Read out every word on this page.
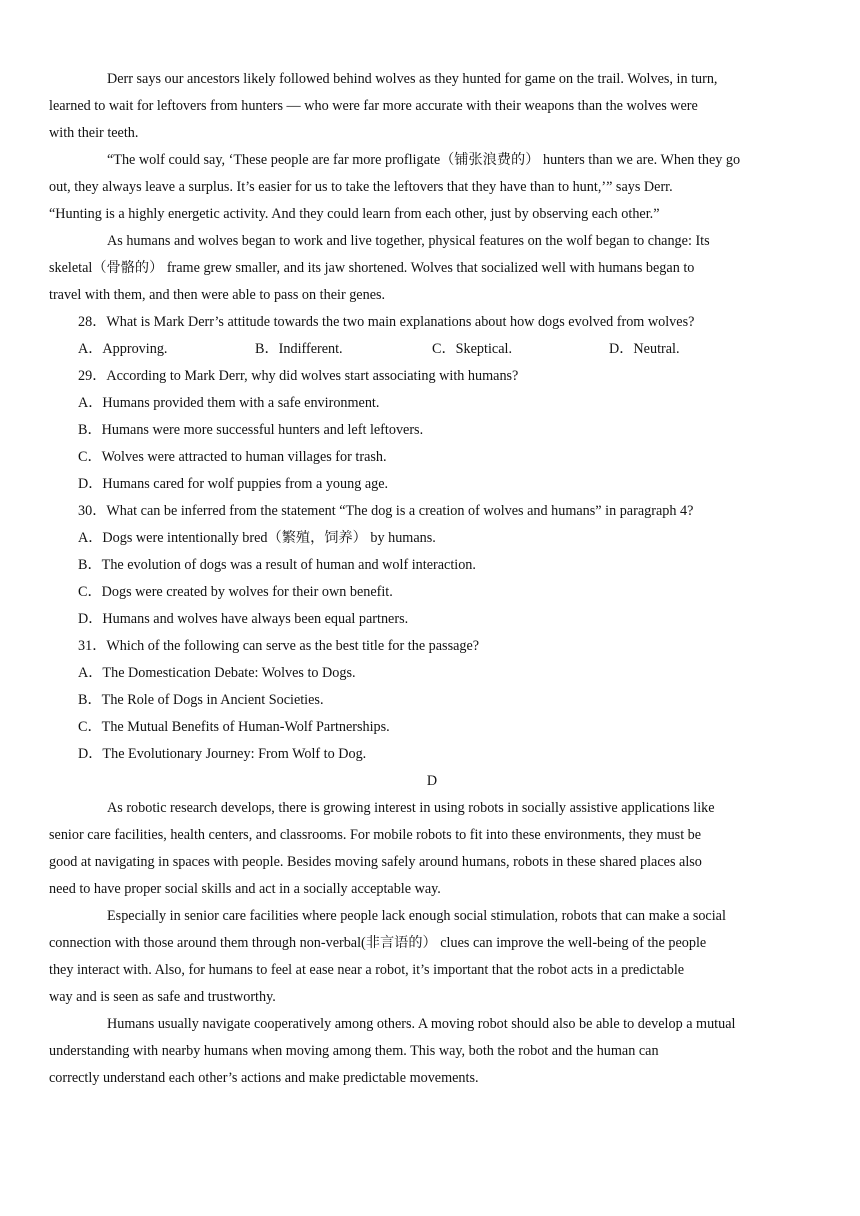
Derr says our ancestors likely followed behind wolves as they hunted for game on the trail. Wolves, in turn,
learned to wait for leftovers from hunters — who were far more accurate with their weapons than the wolves were
with their teeth.

“The wolf could say, ‘These people are far more profligate（铺张浪费的） hunters than we are. When they go
out, they always leave a surplus. It’s easier for us to take the leftovers that they have than to hunt,’” says Derr.
“Hunting is a highly energetic activity. And they could learn from each other, just by observing each other.”

As humans and wolves began to work and live together, physical features on the wolf began to change: Its
skeletal（骨骼的） frame grew smaller, and its jaw shortened. Wolves that socialized well with humans began to
travel with them, and then were able to pass on their genes.

28．What is Mark Derr’s attitude towards the two main explanations about how dogs evolved from wolves?

A．Approving.	B．Indifferent.	C．Skeptical.	D．Neutral.

29．According to Mark Derr, why did wolves start associating with humans?

A．Humans provided them with a safe environment.

B．Humans were more successful hunters and left leftovers.

C．Wolves were attracted to human villages for trash.

D．Humans cared for wolf puppies from a young age.

30．What can be inferred from the statement “The dog is a creation of wolves and humans” in paragraph 4?

A．Dogs were intentionally bred（繁殖，饲养） by humans.

B．The evolution of dogs was a result of human and wolf interaction.

C．Dogs were created by wolves for their own benefit.

D．Humans and wolves have always been equal partners.

31．Which of the following can serve as the best title for the passage?

A．The Domestication Debate: Wolves to Dogs.

B．The Role of Dogs in Ancient Societies.

C．The Mutual Benefits of Human-Wolf Partnerships.

D．The Evolutionary Journey: From Wolf to Dog.

D

As robotic research develops, there is growing interest in using robots in socially assistive applications like
senior care facilities, health centers, and classrooms. For mobile robots to fit into these environments, they must be
good at navigating in spaces with people. Besides moving safely around humans, robots in these shared places also
need to have proper social skills and act in a socially acceptable way.

Especially in senior care facilities where people lack enough social stimulation, robots that can make a social
connection with those around them through non-verbal(非言语的） clues can improve the well-being of the people
they interact with. Also, for humans to feel at ease near a robot, it’s important that the robot acts in a predictable
way and is seen as safe and trustworthy.

Humans usually navigate cooperatively among others. A moving robot should also be able to develop a mutual
understanding with nearby humans when moving among them. This way, both the robot and the human can
correctly understand each other’s actions and make predictable movements.
